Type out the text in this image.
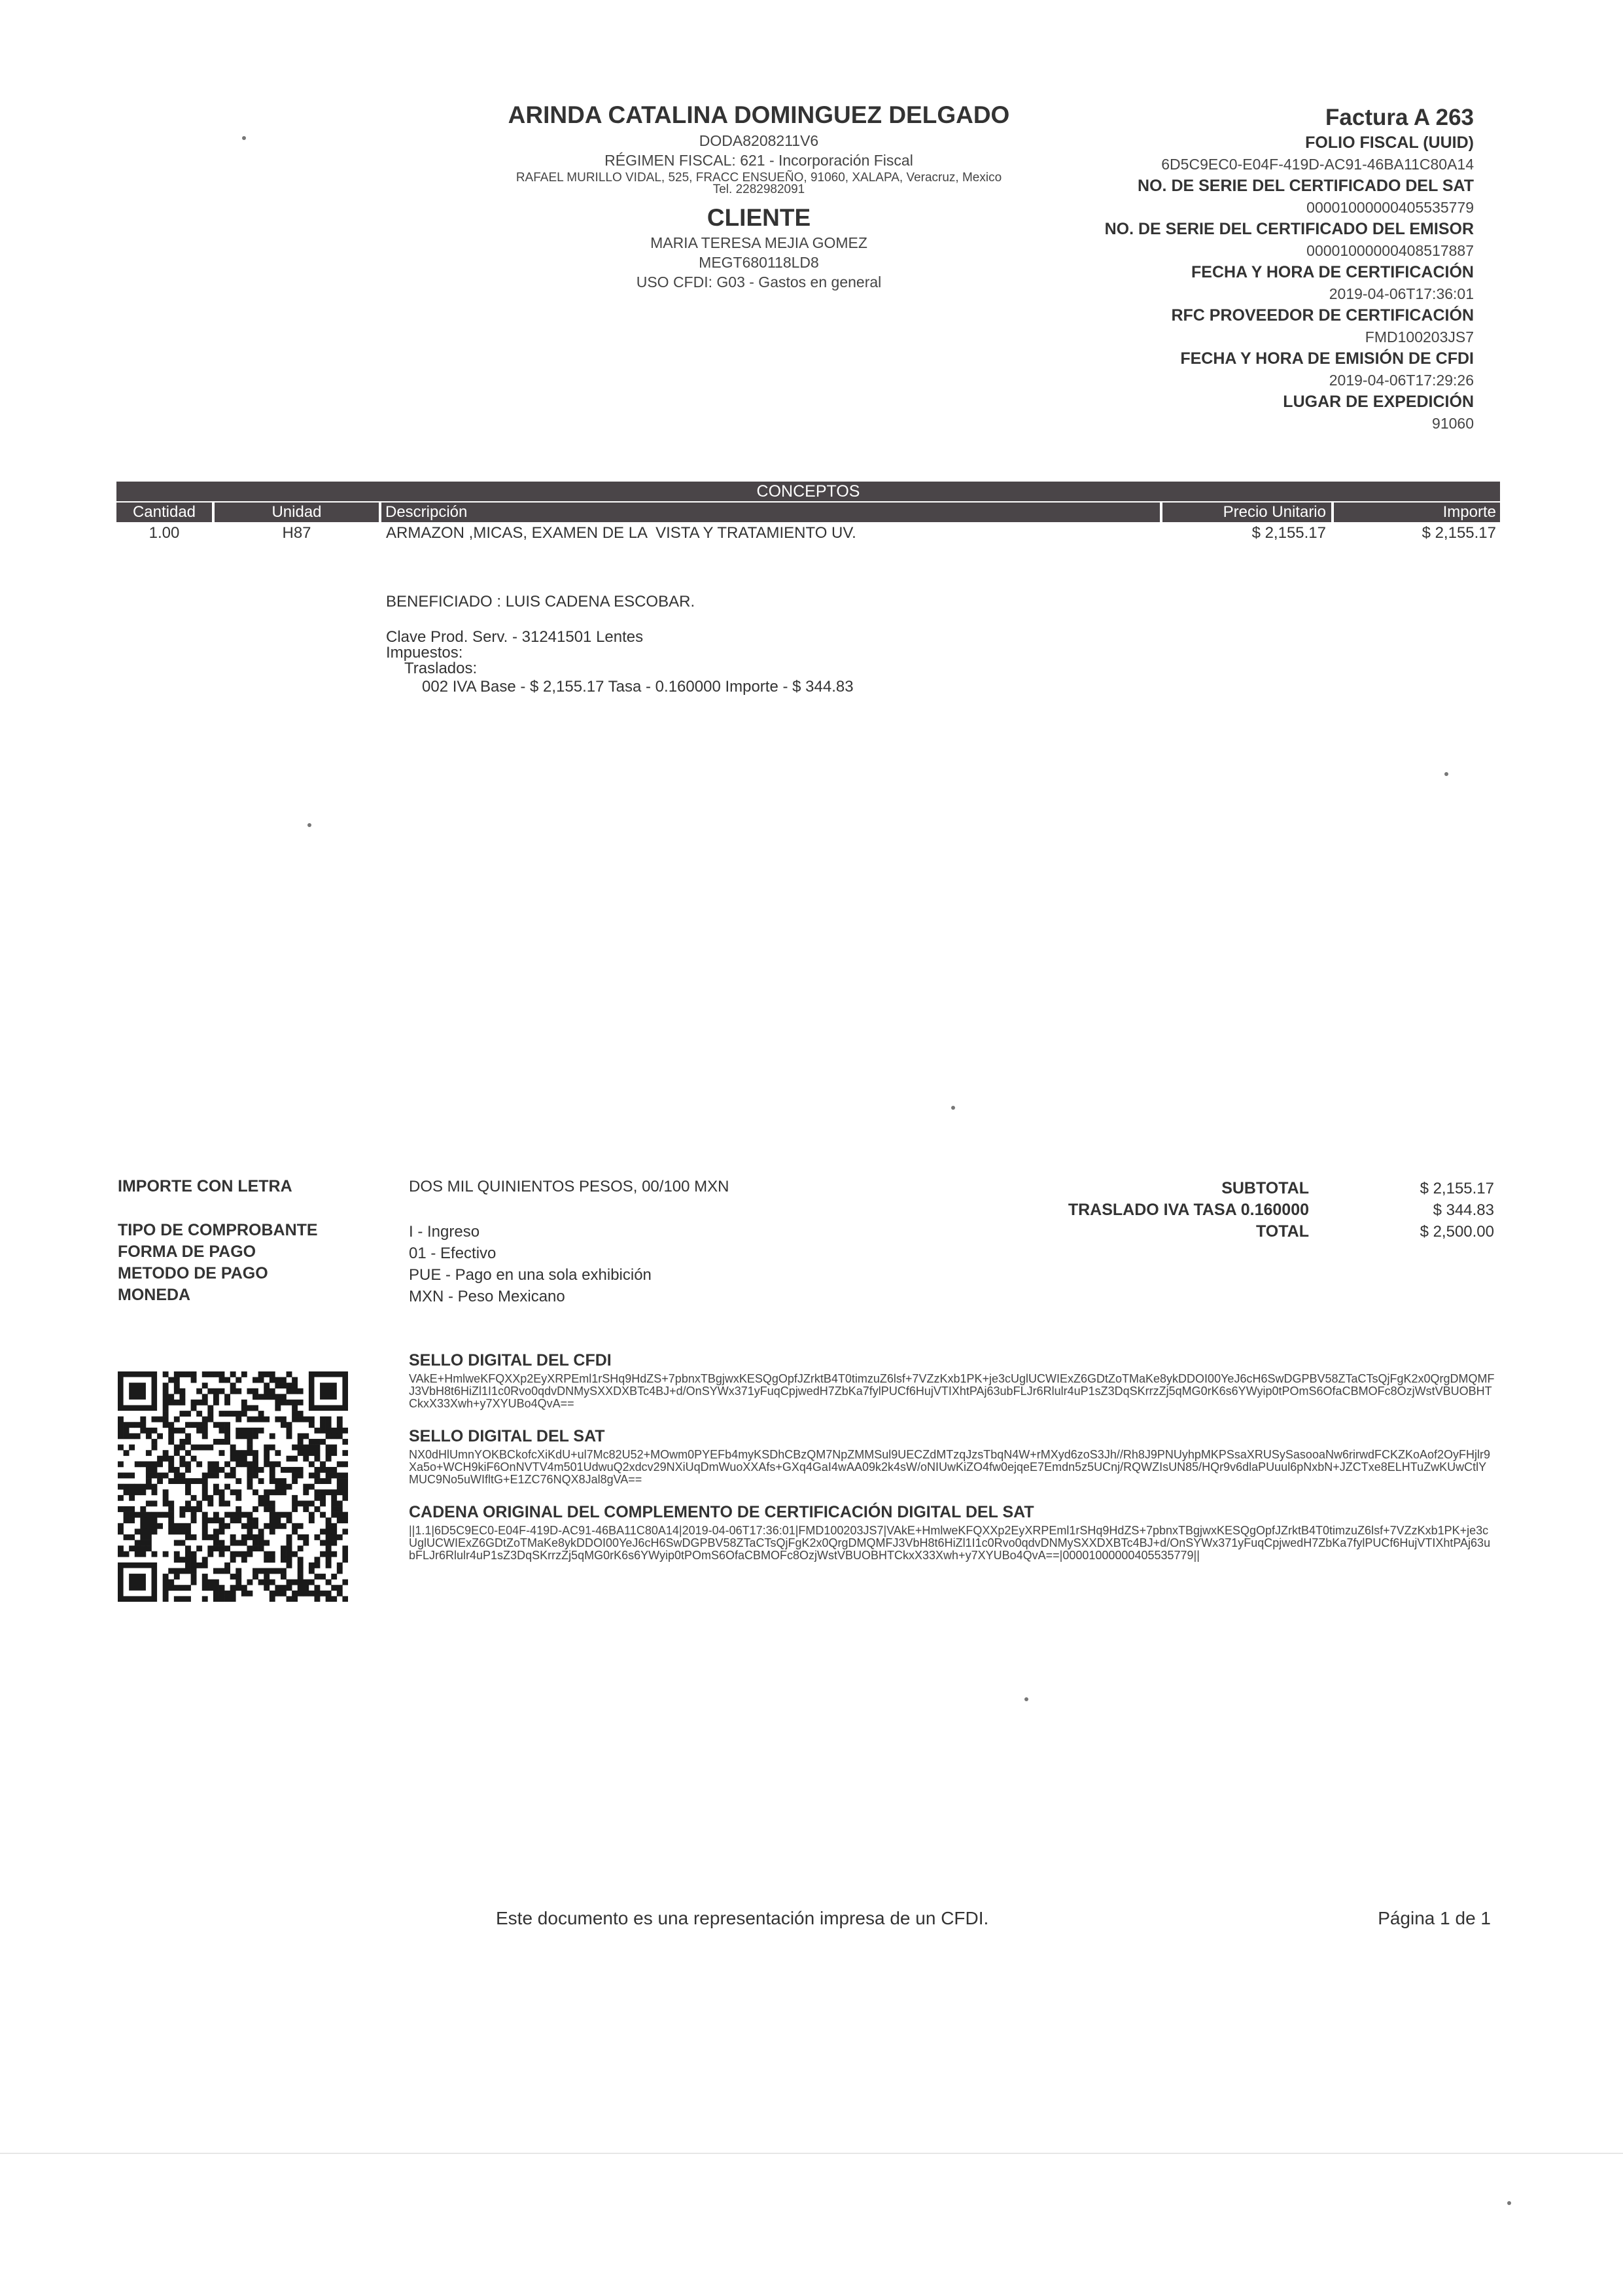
ARINDA CATALINA DOMINGUEZ DELGADO
DODA8208211V6
RÉGIMEN FISCAL: 621 - Incorporación Fiscal
RAFAEL MURILLO VIDAL, 525, FRACC ENSUEÑO, 91060, XALAPA, Veracruz, Mexico
Tel. 2282982091
CLIENTE
MARIA TERESA MEJIA GOMEZ
MEGT680118LD8
USO CFDI: G03 - Gastos en general
Factura A 263
FOLIO FISCAL (UUID)
6D5C9EC0-E04F-419D-AC91-46BA11C80A14
NO. DE SERIE DEL CERTIFICADO DEL SAT
00001000000405535779
NO. DE SERIE DEL CERTIFICADO DEL EMISOR
00001000000408517887
FECHA Y HORA DE CERTIFICACIÓN
2019-04-06T17:36:01
RFC PROVEEDOR DE CERTIFICACIÓN
FMD100203JS7
FECHA Y HORA DE EMISIÓN DE CFDI
2019-04-06T17:29:26
LUGAR DE EXPEDICIÓN
91060
CONCEPTOS
Cantidad	Unidad	Descripción	Precio Unitario	Importe
1.00	H87	ARMAZON ,MICAS, EXAMEN DE LA  VISTA Y TRATAMIENTO UV.	$ 2,155.17	$ 2,155.17
BENEFICIADO : LUIS CADENA ESCOBAR.
Clave Prod. Serv. - 31241501 Lentes
Impuestos:
Traslados:
002 IVA Base - $ 2,155.17 Tasa - 0.160000 Importe - $ 344.83
IMPORTE CON LETRA	DOS MIL QUINIENTOS PESOS, 00/100 MXN
TIPO DE COMPROBANTE	I - Ingreso
FORMA DE PAGO	01 - Efectivo
METODO DE PAGO	PUE - Pago en una sola exhibición
MONEDA	MXN - Peso Mexicano
SUBTOTAL	$ 2,155.17
TRASLADO IVA TASA 0.160000	$ 344.83
TOTAL	$ 2,500.00
SELLO DIGITAL DEL CFDI
VAkE+HmlweKFQXXp2EyXRPEml1rSHq9HdZS+7pbnxTBgjwxKESQgOpfJZrktB4T0timzuZ6lsf+7VZzKxb1PK+je3cUglUCWIExZ6GDtZoTMaKe8ykDDOI00YeJ6cH6SwDGPBV58ZTaCTsQjFgK2x0QrgDMQMFJ3VbH8t6HiZl1I1c0Rvo0qdvDNMySXXDXBTc4BJ+d/OnSYWx371yFuqCpjwedH7ZbKa7fylPUCf6HujVTIXhtPAj63ubFLJr6Rlulr4uP1sZ3DqSKrrzZj5qMG0rK6s6YWyip0tPOmS6OfaCBMOFc8OzjWstVBUOBHTCkxX33Xwh+y7XYUBo4QvA==
SELLO DIGITAL DEL SAT
NX0dHlUmnYOKBCkofcXiKdU+ul7Mc82U52+MOwm0PYEFb4myKSDhCBzQM7NpZMMSul9UECZdMTzqJzsTbqN4W+rMXyd6zoS3Jh//Rh8J9PNUyhpMKPSsaXRUSySasooaNw6rirwdFCKZKoAof2OyFHjlr9Xa5o+WCH9kiF6OnNVTV4m501UdwuQ2xdcv29NXiUqDmWuoXXAfs+GXq4GaI4wAA09k2k4sW/oNIUwKiZO4fw0ejqeE7Emdn5z5UCnj/RQWZIsUN85/HQr9v6dlaPUuul6pNxbN+JZCTxe8ELHTuZwKUwCtlYMUC9No5uWIfltG+E1ZC76NQX8Jal8gVA==
CADENA ORIGINAL DEL COMPLEMENTO DE CERTIFICACIÓN DIGITAL DEL SAT
||1.1|6D5C9EC0-E04F-419D-AC91-46BA11C80A14|2019-04-06T17:36:01|FMD100203JS7|VAkE+HmlweKFQXXp2EyXRPEml1rSHq9HdZS+7pbnxTBgjwxKESQgOpfJZrktB4T0timzuZ6lsf+7VZzKxb1PK+je3cUglUCWIExZ6GDtZoTMaKe8ykDDOI00YeJ6cH6SwDGPBV58ZTaCTsQjFgK2x0QrgDMQMFJ3VbH8t6HiZl1I1c0Rvo0qdvDNMySXXDXBTc4BJ+d/OnSYWx371yFuqCpjwedH7ZbKa7fylPUCf6HujVTIXhtPAj63ubFLJr6Rlulr4uP1sZ3DqSKrrzZj5qMG0rK6s6YWyip0tPOmS6OfaCBMOFc8OzjWstVBUOBHTCkxX33Xwh+y7XYUBo4QvA==|00001000000405535779||
Este documento es una representación impresa de un CFDI.	Página 1 de 1
